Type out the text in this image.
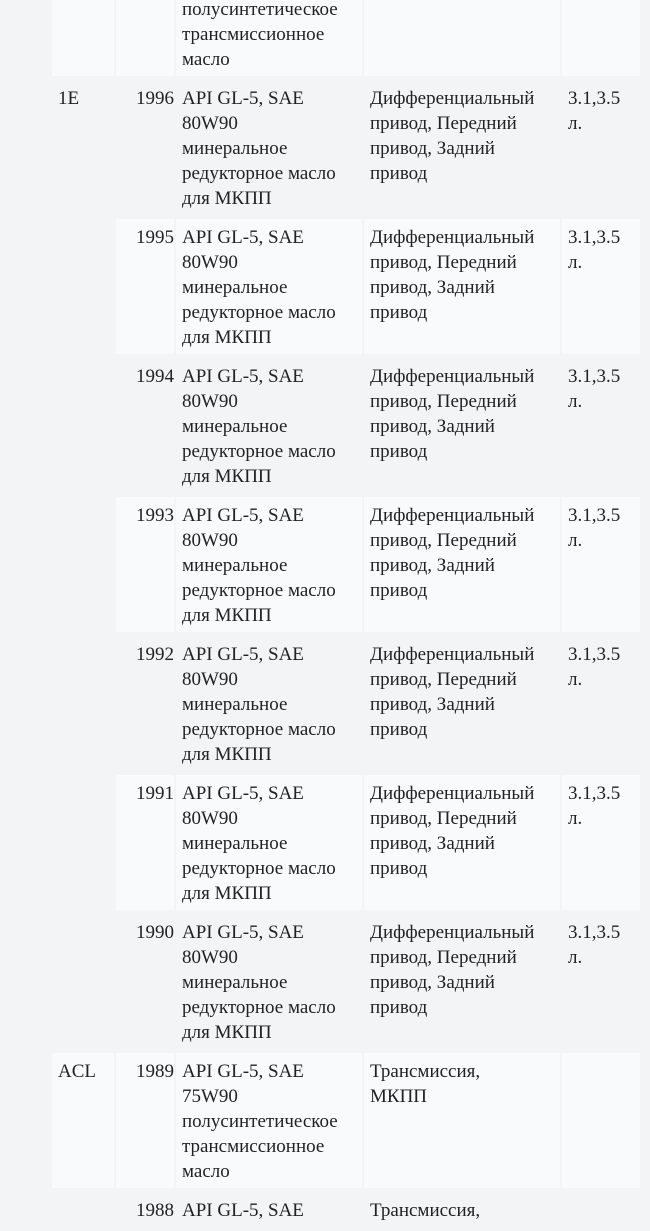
		полусинтетическое
трансмиссионное
масло		
1E	1996	API GL-5, SAE
80W90
минеральное
редукторное масло
для МКПП	Дифференциальный
привод, Передний
привод, Задний
привод	3.1,3.5
л.
	1995	API GL-5, SAE
80W90
минеральное
редукторное масло
для МКПП	Дифференциальный
привод, Передний
привод, Задний
привод	3.1,3.5
л.
	1994	API GL-5, SAE
80W90
минеральное
редукторное масло
для МКПП	Дифференциальный
привод, Передний
привод, Задний
привод	3.1,3.5
л.
	1993	API GL-5, SAE
80W90
минеральное
редукторное масло
для МКПП	Дифференциальный
привод, Передний
привод, Задний
привод	3.1,3.5
л.
	1992	API GL-5, SAE
80W90
минеральное
редукторное масло
для МКПП	Дифференциальный
привод, Передний
привод, Задний
привод	3.1,3.5
л.
	1991	API GL-5, SAE
80W90
минеральное
редукторное масло
для МКПП	Дифференциальный
привод, Передний
привод, Задний
привод	3.1,3.5
л.
	1990	API GL-5, SAE
80W90
минеральное
редукторное масло
для МКПП	Дифференциальный
привод, Передний
привод, Задний
привод	3.1,3.5
л.
ACL	1989	API GL-5, SAE
75W90
полусинтетическое
трансмиссионное
масло	Трансмиссия,
МКПП	
	1988	API GL-5, SAE	Трансмиссия,	
